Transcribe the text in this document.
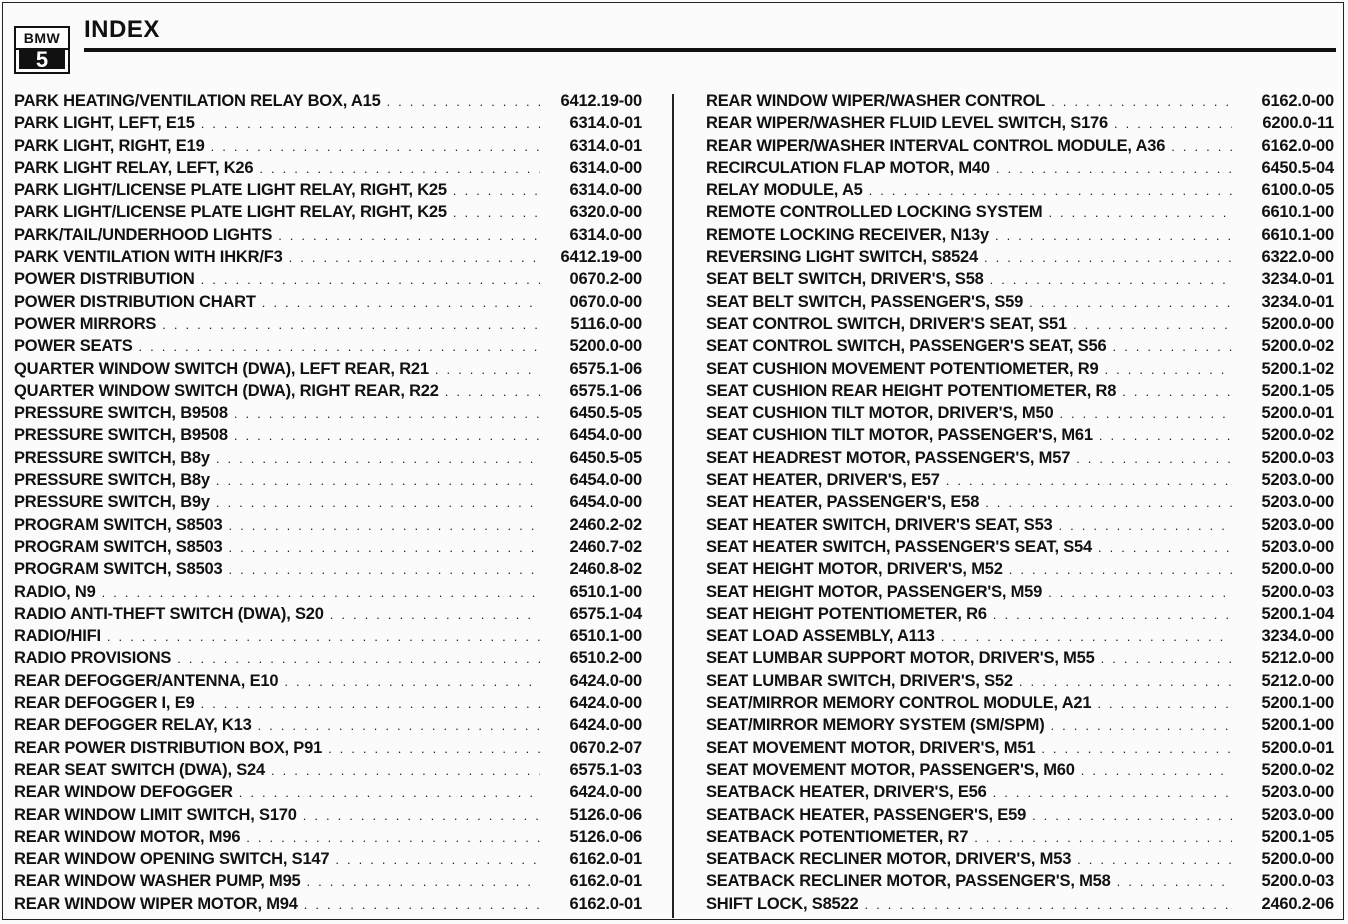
BMW
5
INDEX
PARK HEATING/VENTILATION RELAY BOX, A15 . . .	6412.19-00
PARK LIGHT, LEFT, E15 . . .	6314.0-01
PARK LIGHT, RIGHT, E19 . . .	6314.0-01
PARK LIGHT RELAY, LEFT, K26 . . .	6314.0-00
PARK LIGHT/LICENSE PLATE LIGHT RELAY, RIGHT, K25 . . .	6314.0-00
PARK LIGHT/LICENSE PLATE LIGHT RELAY, RIGHT, K25 . . .	6320.0-00
PARK/TAIL/UNDERHOOD LIGHTS . . .	6314.0-00
PARK VENTILATION WITH IHKR/F3 . . .	6412.19-00
POWER DISTRIBUTION . . .	0670.2-00
POWER DISTRIBUTION CHART . . .	0670.0-00
POWER MIRRORS . . .	5116.0-00
POWER SEATS . . .	5200.0-00
QUARTER WINDOW SWITCH (DWA), LEFT REAR, R21 . . .	6575.1-06
QUARTER WINDOW SWITCH (DWA), RIGHT REAR, R22 . . .	6575.1-06
PRESSURE SWITCH, B9508 . . .	6450.5-05
PRESSURE SWITCH, B9508 . . .	6454.0-00
PRESSURE SWITCH, B8y . . .	6450.5-05
PRESSURE SWITCH, B8y . . .	6454.0-00
PRESSURE SWITCH, B9y . . .	6454.0-00
PROGRAM SWITCH, S8503 . . .	2460.2-02
PROGRAM SWITCH, S8503 . . .	2460.7-02
PROGRAM SWITCH, S8503 . . .	2460.8-02
RADIO, N9 . . .	6510.1-00
RADIO ANTI-THEFT SWITCH (DWA), S20 . . .	6575.1-04
RADIO/HIFI . . .	6510.1-00
RADIO PROVISIONS . . .	6510.2-00
REAR DEFOGGER/ANTENNA, E10 . . .	6424.0-00
REAR DEFOGGER I, E9 . . .	6424.0-00
REAR DEFOGGER RELAY, K13 . . .	6424.0-00
REAR POWER DISTRIBUTION BOX, P91 . . .	0670.2-07
REAR SEAT SWITCH (DWA), S24 . . .	6575.1-03
REAR WINDOW DEFOGGER . . .	6424.0-00
REAR WINDOW LIMIT SWITCH, S170 . . .	5126.0-06
REAR WINDOW MOTOR, M96 . . .	5126.0-06
REAR WINDOW OPENING SWITCH, S147 . . .	6162.0-01
REAR WINDOW WASHER PUMP, M95 . . .	6162.0-01
REAR WINDOW WIPER MOTOR, M94 . . .	6162.0-01
REAR WINDOW WIPER/WASHER CONTROL . . .	6162.0-00
REAR WIPER/WASHER FLUID LEVEL SWITCH, S176 . . .	6200.0-11
REAR WIPER/WASHER INTERVAL CONTROL MODULE, A36 . . .	6162.0-00
RECIRCULATION FLAP MOTOR, M40 . . .	6450.5-04
RELAY MODULE, A5 . . .	6100.0-05
REMOTE CONTROLLED LOCKING SYSTEM . . .	6610.1-00
REMOTE LOCKING RECEIVER, N13y . . .	6610.1-00
REVERSING LIGHT SWITCH, S8524 . . .	6322.0-00
SEAT BELT SWITCH, DRIVER'S, S58 . . .	3234.0-01
SEAT BELT SWITCH, PASSENGER'S, S59 . . .	3234.0-01
SEAT CONTROL SWITCH, DRIVER'S SEAT, S51 . . .	5200.0-00
SEAT CONTROL SWITCH, PASSENGER'S SEAT, S56 . . .	5200.0-02
SEAT CUSHION MOVEMENT POTENTIOMETER, R9 . . .	5200.1-02
SEAT CUSHION REAR HEIGHT POTENTIOMETER, R8 . . .	5200.1-05
SEAT CUSHION TILT MOTOR, DRIVER'S, M50 . . .	5200.0-01
SEAT CUSHION TILT MOTOR, PASSENGER'S, M61 . . .	5200.0-02
SEAT HEADREST MOTOR, PASSENGER'S, M57 . . .	5200.0-03
SEAT HEATER, DRIVER'S, E57 . . .	5203.0-00
SEAT HEATER, PASSENGER'S, E58 . . .	5203.0-00
SEAT HEATER SWITCH, DRIVER'S SEAT, S53 . . .	5203.0-00
SEAT HEATER SWITCH, PASSENGER'S SEAT, S54 . . .	5203.0-00
SEAT HEIGHT MOTOR, DRIVER'S, M52 . . .	5200.0-00
SEAT HEIGHT MOTOR, PASSENGER'S, M59 . . .	5200.0-03
SEAT HEIGHT POTENTIOMETER, R6 . . .	5200.1-04
SEAT LOAD ASSEMBLY, A113 . . .	3234.0-00
SEAT LUMBAR SUPPORT MOTOR, DRIVER'S, M55 . . .	5212.0-00
SEAT LUMBAR SWITCH, DRIVER'S, S52 . . .	5212.0-00
SEAT/MIRROR MEMORY CONTROL MODULE, A21 . . .	5200.1-00
SEAT/MIRROR MEMORY SYSTEM (SM/SPM) . . .	5200.1-00
SEAT MOVEMENT MOTOR, DRIVER'S, M51 . . .	5200.0-01
SEAT MOVEMENT MOTOR, PASSENGER'S, M60 . . .	5200.0-02
SEATBACK HEATER, DRIVER'S, E56 . . .	5203.0-00
SEATBACK HEATER, PASSENGER'S, E59 . . .	5203.0-00
SEATBACK POTENTIOMETER, R7 . . .	5200.1-05
SEATBACK RECLINER MOTOR, DRIVER'S, M53 . . .	5200.0-00
SEATBACK RECLINER MOTOR, PASSENGER'S, M58 . . .	5200.0-03
SHIFT LOCK, S8522 . . .	2460.2-06
